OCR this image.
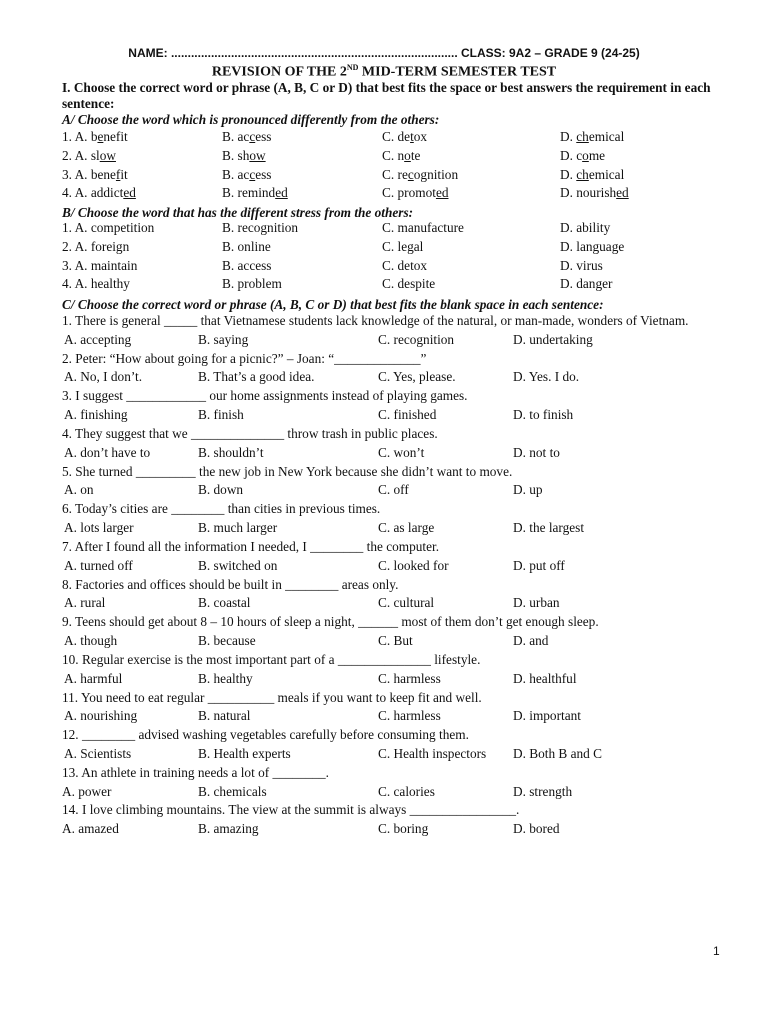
NAME: ...................................................................................... CLASS: 9A2 – GRADE 9 (24-25)
REVISION OF THE 2ND MID-TERM SEMESTER TEST
I. Choose the correct word or phrase (A, B, C or D) that best fits the space or best answers the requirement in each sentence:
A/ Choose the word which is pronounced differently from the others:
1. A. benefit	B. access	C. detox	D. chemical
2. A. slow	B. show	C. note	D. come
3. A. benefit	B. access	C. recognition	D. chemical
4. A. addicted	B. reminded	C. promoted	D. nourished
B/ Choose the word that has the different stress from the others:
1. A. competition	B. recognition	C. manufacture	D. ability
2. A. foreign	B. online	C. legal	D. language
3. A. maintain	B. access	C. detox	D. virus
4. A. healthy	B. problem	C. despite	D. danger
C/ Choose the correct word or phrase (A, B, C or D) that best fits the blank space in each sentence:
1. There is general _____ that Vietnamese students lack knowledge of the natural, or man-made, wonders of Vietnam.
A. accepting	B. saying	C. recognition	D. undertaking
2. Peter: “How about going for a picnic?” – Joan: “_____________”
A. No, I don’t.	B. That’s a good idea.	C. Yes, please.	D. Yes. I do.
3. I suggest ____________ our home assignments instead of playing games.
A. finishing	B. finish	C. finished	D. to finish
4. They suggest that we ______________ throw trash in public places.
A. don’t have to	B. shouldn’t	C. won’t	D. not to
5. She turned _________ the new job in New York because she didn’t want to move.
A. on	B. down	C. off	D. up
6. Today’s cities are ________ than cities in previous times.
A. lots larger	B. much larger	C. as large	D. the largest
7. After I found all the information I needed, I ________ the computer.
A. turned off	B. switched on	C. looked for	D. put off
8. Factories and offices should be built in ________ areas only.
A. rural	B. coastal	C. cultural	D. urban
9. Teens should get about 8 – 10 hours of sleep a night, ______ most of them don’t get enough sleep.
A. though	B. because	C. But	D. and
10. Regular exercise is the most important part of a ______________ lifestyle.
A. harmful	B. healthy	C. harmless	D. healthful
11. You need to eat regular __________ meals if you want to keep fit and well.
A. nourishing	B. natural	C. harmless	D. important
12. ________ advised washing vegetables carefully before consuming them.
A. Scientists	B. Health experts	C. Health inspectors D. Both B and C
13. An athlete in training needs a lot of ________.
A. power	B. chemicals	C. calories	D. strength
14. I love climbing mountains. The view at the summit is always ________________.
A. amazed	B. amazing	C. boring	D. bored
1
